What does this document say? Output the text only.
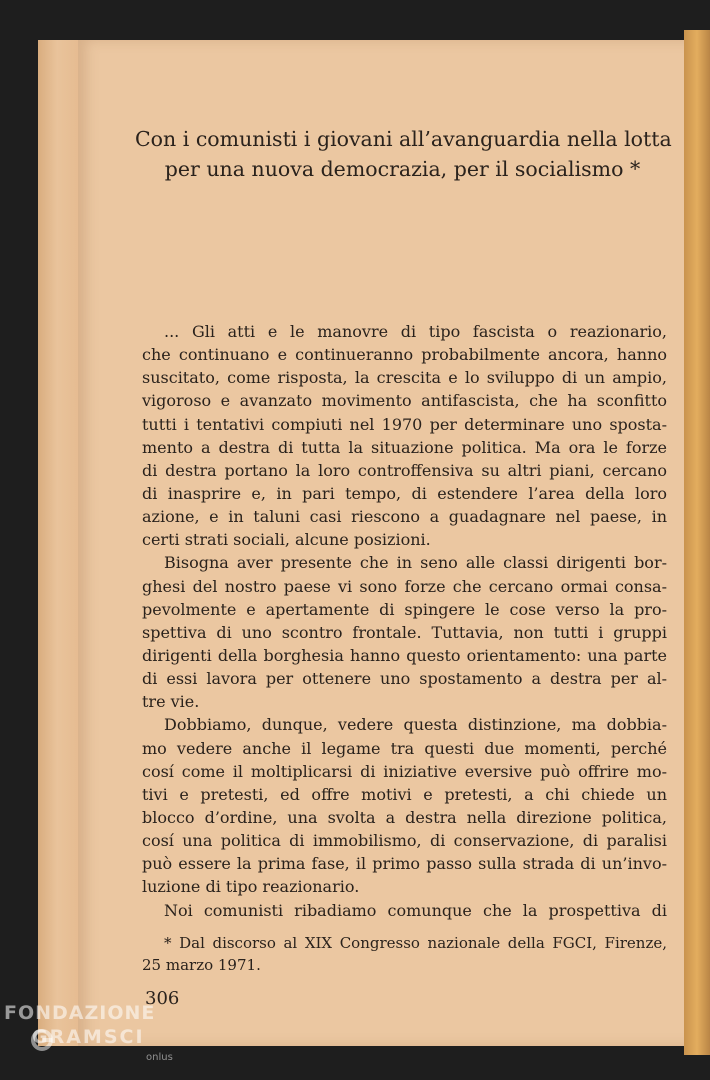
Con i comunisti i giovani all’avanguardia nella lotta
per una nuova democrazia, per il socialismo *
... Gli atti e le manovre di tipo fascista o reazionario,
che continuano e continueranno probabilmente ancora, hanno
suscitato, come risposta, la crescita e lo sviluppo di un ampio,
vigoroso e avanzato movimento antifascista, che ha sconfitto
tutti i tentativi compiuti nel 1970 per determinare uno sposta-
mento a destra di tutta la situazione politica. Ma ora le forze
di destra portano la loro controffensiva su altri piani, cercano
di inasprire e, in pari tempo, di estendere l’area della loro
azione, e in taluni casi riescono a guadagnare nel paese, in
certi strati sociali, alcune posizioni.
Bisogna aver presente che in seno alle classi dirigenti bor-
ghesi del nostro paese vi sono forze che cercano ormai consa-
pevolmente e apertamente di spingere le cose verso la pro-
spettiva di uno scontro frontale. Tuttavia, non tutti i gruppi
dirigenti della borghesia hanno questo orientamento: una parte
di essi lavora per ottenere uno spostamento a destra per al-
tre vie.
Dobbiamo, dunque, vedere questa distinzione, ma dobbia-
mo vedere anche il legame tra questi due momenti, perché
cosí come il moltiplicarsi di iniziative eversive può offrire mo-
tivi e pretesti, ed offre motivi e pretesti, a chi chiede un
blocco d’ordine, una svolta a destra nella direzione politica,
cosí una politica di immobilismo, di conservazione, di paralisi
può essere la prima fase, il primo passo sulla strada di un’invo-
luzione di tipo reazionario.
Noi comunisti ribadiamo comunque che la prospettiva di
* Dal discorso al XIX Congresso nazionale della FGCI, Firenze,
25 marzo 1971.
306
FONDAZIONE
GRAMSCI
onlus
